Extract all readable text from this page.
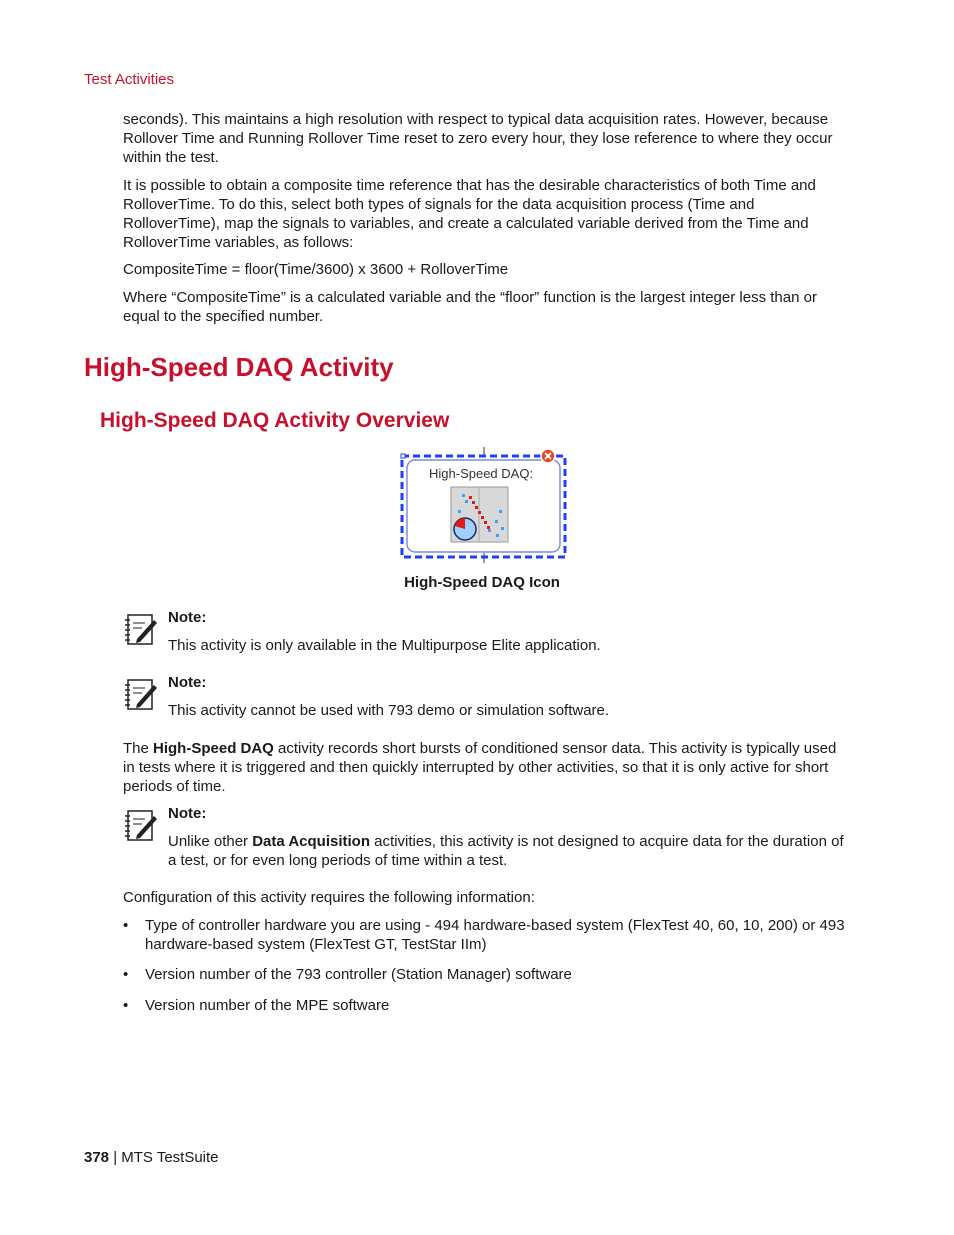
Test Activities

seconds). This maintains a high resolution with respect to typical data acquisition rates. However, because Rollover Time and Running Rollover Time reset to zero every hour, they lose reference to where they occur within the test.

It is possible to obtain a composite time reference that has the desirable characteristics of both Time and RolloverTime. To do this, select both types of signals for the data acquisition process (Time and RolloverTime), map the signals to variables, and create a calculated variable derived from the Time and RolloverTime variables, as follows:

CompositeTime = floor(Time/3600) x 3600 + RolloverTime

Where “CompositeTime” is a calculated variable and the “floor” function is the largest integer less than or equal to the specified number.

High-Speed DAQ Activity
High-Speed DAQ Activity Overview
High-Speed DAQ:
High-Speed DAQ Icon
Note:
This activity is only available in the Multipurpose Elite application.
Note:
This activity cannot be used with 793 demo or simulation software.

The High-Speed DAQ activity records short bursts of conditioned sensor data. This activity is typically used in tests where it is triggered and then quickly interrupted by other activities, so that it is only active for short periods of time.

Note:
Unlike other Data Acquisition activities, this activity is not designed to acquire data for the duration of a test, or for even long periods of time within a test.

Configuration of this activity requires the following information:

• Type of controller hardware you are using - 494 hardware-based system (FlexTest 40, 60, 10, 200) or 493 hardware-based system (FlexTest GT, TestStar IIm)
• Version number of the 793 controller (Station Manager) software
• Version number of the MPE software
378 | MTS TestSuite
